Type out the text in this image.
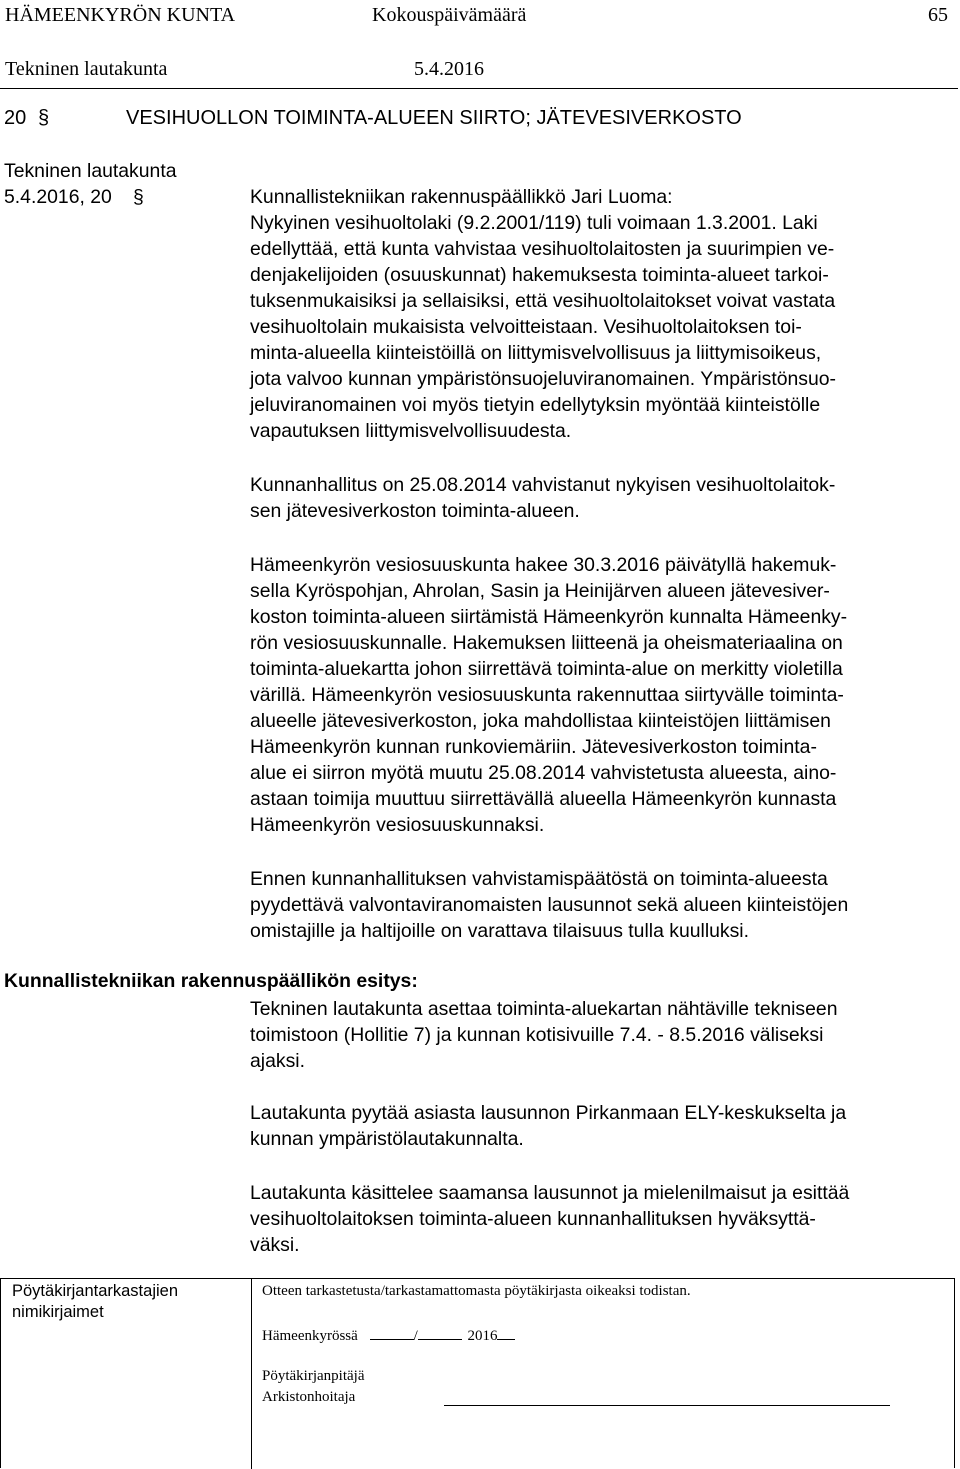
HÄMEENKYRÖN KUNTA	Kokouspäivämäärä	65
Tekninen lautakunta	5.4.2016
20 §	VESIHUOLLON TOIMINTA-ALUEEN SIIRTO; JÄTEVESIVERKOSTO
Tekninen lautakunta
5.4.2016, 20 §	Kunnallistekniikan rakennuspäällikkö Jari Luoma:
Nykyinen vesihuoltolaki (9.2.2001/119) tuli voimaan 1.3.2001. Laki
edellyttää, että kunta vahvistaa vesihuoltolaitosten ja suurimpien ve-
denjakelijoiden (osuuskunnat) hakemuksesta toiminta-alueet tarkoi-
tuksenmukaisiksi ja sellaisiksi, että vesihuoltolaitokset voivat vastata
vesihuoltolain mukaisista velvoitteistaan. Vesihuoltolaitoksen toi-
minta-alueella kiinteistöillä on liittymisvelvollisuus ja liittymisoikeus,
jota valvoo kunnan ympäristönsuojeluviranomainen. Ympäristönsuo-
jeluviranomainen voi myös tietyin edellytyksin myöntää kiinteistölle
vapautuksen liittymisvelvollisuudesta.
Kunnanhallitus on 25.08.2014 vahvistanut nykyisen vesihuoltolaitok-
sen jätevesiverkoston toiminta-alueen.
Hämeenkyrön vesiosuuskunta hakee 30.3.2016 päivätyllä hakemuk-
sella Kyröspohjan, Ahrolan, Sasin ja Heinijärven alueen jätevesiver-
koston toiminta-alueen siirtämistä Hämeenkyrön kunnalta Hämeenky-
rön vesiosuuskunnalle. Hakemuksen liitteenä ja oheismateriaalina on
toiminta-aluekartta johon siirrettävä toiminta-alue on merkitty violetilla
värillä. Hämeenkyrön vesiosuuskunta rakennuttaa siirtyvälle toiminta-
alueelle jätevesiverkoston, joka mahdollistaa kiinteistöjen liittämisen
Hämeenkyrön kunnan runkoviemäriin. Jätevesiverkoston toiminta-
alue ei siirron myötä muutu 25.08.2014 vahvistetusta alueesta, aino-
astaan toimija muuttuu siirrettävällä alueella Hämeenkyrön kunnasta
Hämeenkyrön vesiosuuskunnaksi.
Ennen kunnanhallituksen vahvistamispäätöstä on toiminta-alueesta
pyydettävä valvontaviranomaisten lausunnot sekä alueen kiinteistöjen
omistajille ja haltijoille on varattava tilaisuus tulla kuulluksi.
Kunnallistekniikan rakennuspäällikön esitys:
Tekninen lautakunta asettaa toiminta-aluekartan nähtäville tekniseen
toimistoon (Hollitie 7) ja kunnan kotisivuille 7.4. - 8.5.2016 väliseksi
ajaksi.
Lautakunta pyytää asiasta lausunnon Pirkanmaan ELY-keskukselta ja
kunnan ympäristölautakunnalta.
Lautakunta käsittelee saamansa lausunnot ja mielenilmaisut ja esittää
vesihuoltolaitoksen toiminta-alueen kunnanhallituksen hyväksyttä-
väksi.
Pöytäkirjantarkastajien
nimikirjaimet
Otteen tarkastetusta/tarkastamattomasta pöytäkirjasta oikeaksi todistan.
Hämeenkyrössä	/	2016
Pöytäkirjanpitäjä
Arkistonhoitaja
